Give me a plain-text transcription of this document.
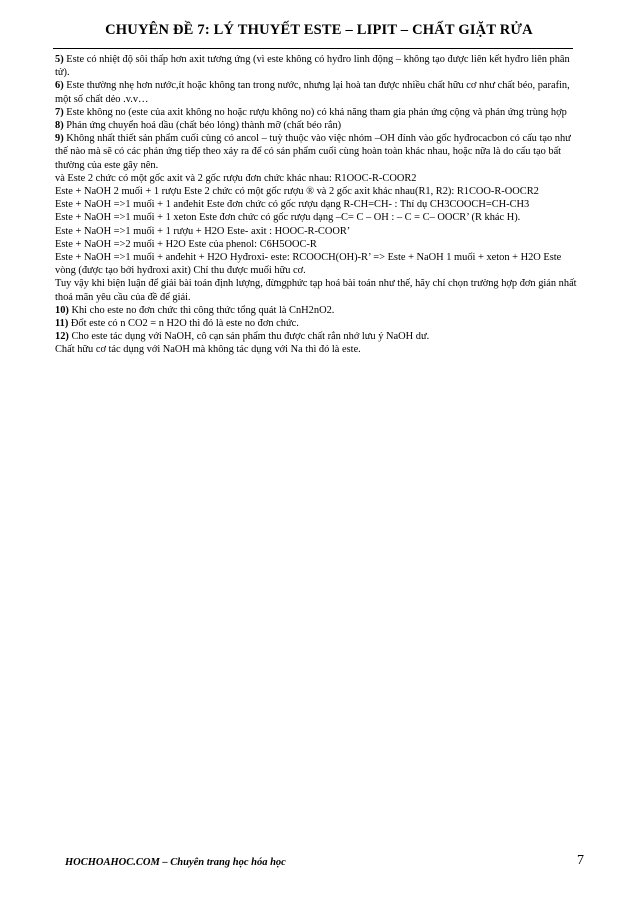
CHUYÊN ĐỀ 7: LÝ THUYẾT ESTE – LIPIT – CHẤT GIẶT RỬA

5) Este có nhiệt độ sôi thấp hơn axit tương ứng (vì este không có hyđro linh động – không tạo được liên kết hyđro liên phân tử).

6) Este thường nhẹ hơn nước,ít hoặc không tan trong nước, nhưng lại hoà tan được nhiều chất hữu cơ như chất béo, parafin, một số chất dẻo .v.v…

7) Este không no (este của axit không no hoặc rượu không no) có khả năng tham gia phản ứng cộng và phản ứng trùng hợp

8) Phản ứng chuyển hoá dầu (chất béo lỏng) thành mỡ (chất béo rắn)

9) Không nhất thiết sản phẩm cuối cùng có ancol – tuỳ thuộc vào việc nhóm –OH đính vào gốc hyđrocacbon có cấu tạo như thế nào mà sẽ có các phản ứng tiếp theo xảy ra để có sản phẩm cuối cùng hoàn toàn khác nhau, hoặc nữa là do cấu tạo bất thường của este gây nên.

và Este 2 chức có một gốc axit và 2 gốc rượu đơn chức khác nhau: R1OOC-R-COOR2

Este + NaOH 2 muối + 1 rượu Este 2 chức có một gốc rượu ® và 2 gốc axit khác nhau(R1, R2): R1COO-R-OOCR2

Este + NaOH =>1 muối + 1 anđehit Este đơn chức có gốc rượu dạng R-CH=CH- : Thí dụ CH3COOCH=CH-CH3

Este + NaOH =>1 muối + 1 xeton Este đơn chức có gốc rượu dạng –C= C – OH : – C = C– OOCR’ (R khác H).

Este + NaOH =>1 muối + 1 rượu + H2O Este- axit : HOOC-R-COOR’

Este + NaOH =>2 muối + H2O Este của phenol: C6H5OOC-R

Este + NaOH =>1 muối + anđehit + H2O Hyđroxi- este: RCOOCH(OH)-R’ => Este + NaOH 1 muối + xeton + H2O Este vòng (được tạo bởi hyđroxi axit) Chỉ thu được muối hữu cơ.

Tuy vậy khi biện luận để giải bài toán định lượng, đừngphức tạp hoá bài toán như thế, hãy chỉ chọn trường hợp đơn giản nhất thoả mãn yêu cầu của đề để giải.

10) Khi cho este no đơn chức thì công thức tổng quát là CnH2nO2.

11) Đốt este có n CO2 = n H2O thì đó là este no đơn chức.

12) Cho este tác dụng với NaOH, cô cạn sản phẩm thu được chất rắn nhớ lưu ý NaOH dư.

Chất hữu cơ tác dụng với NaOH mà không tác dụng với Na thì đó là este.

HOCHOAHOC.COM – Chuyên trang học hóa học	7
